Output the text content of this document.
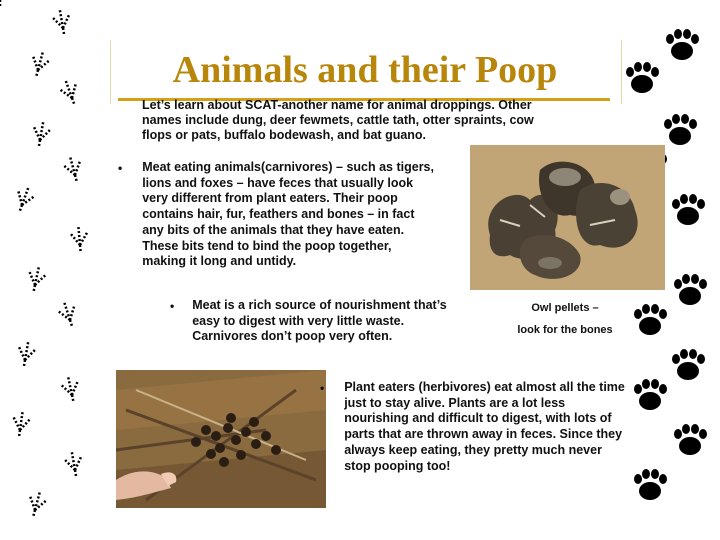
Animals and their Poop
Let’s learn about SCAT-another name for animal droppings. Other names include dung, deer fewmets, cattle tath, otter spraints, cow flops or pats, buffalo bodewash, and bat guano.
• Meat eating animals(carnivores) – such as tigers, lions and foxes – have feces that usually look very different from plant eaters. Their poop contains hair, fur, feathers and bones – in fact any bits of the animals that they have eaten. These bits tend to bind the poop together, making it long and untidy.
Owl pellets –
look for the bones
• Meat is a rich source of nourishment that’s easy to digest with very little waste. Carnivores don’t poop very often.
• Plant eaters (herbivores) eat almost all the time just to stay alive. Plants are a lot less nourishing and difficult to digest, with lots of parts that are thrown away in feces. Since they always keep eating, they pretty much never stop pooping too!
